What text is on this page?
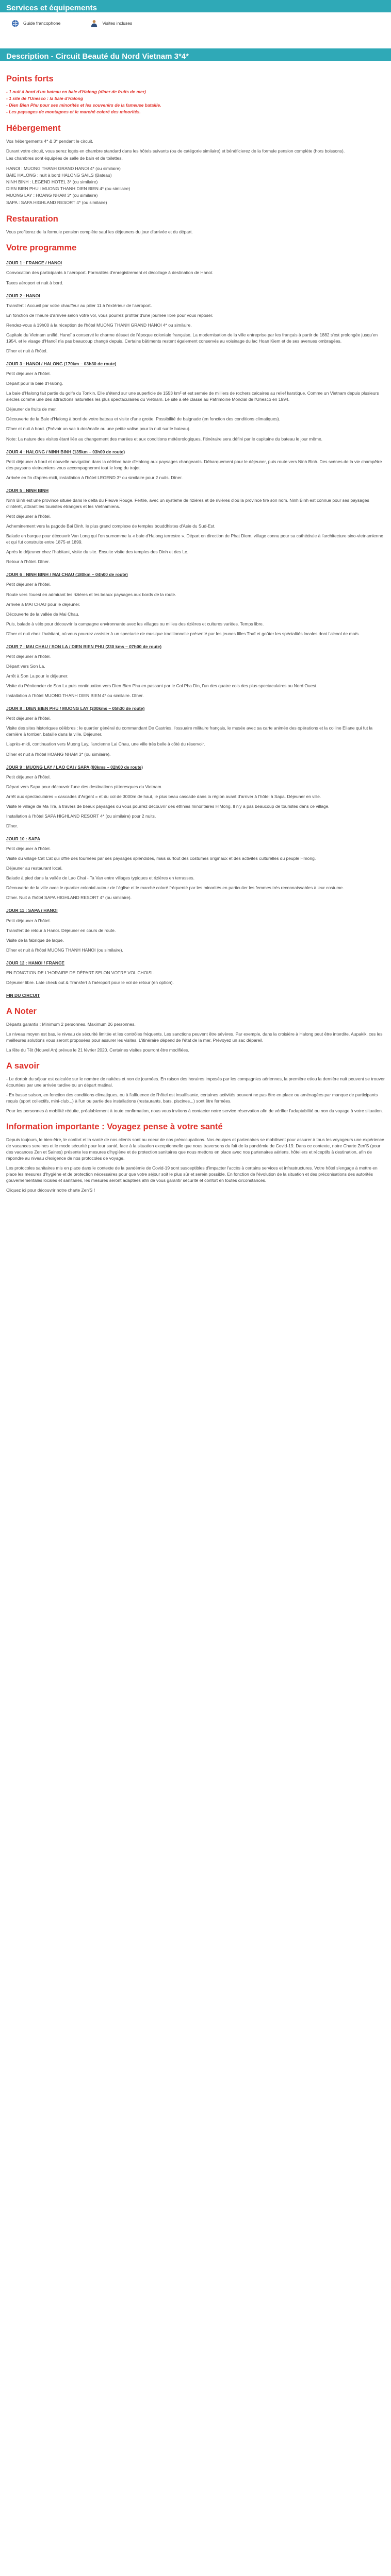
Services et équipements
Guide francophone	Visites incluses
Description - Circuit Beauté du Nord Vietnam 3*4*
Points forts
- 1 nuit à bord d'un bateau en baie d'Halong (dîner de fruits de mer)
- 1 site de l'Unesco : la baie d'Halong
- Dien Bien Phu pour ses minorités et les souvenirs de la fameuse bataille.
- Les paysages de montagnes et le marché coloré des minorités.
Hébergement

Vos hébergements 4* & 3* pendant le circuit.

Durant votre circuit, vous serez logés en chambre standard dans les hôtels suivants (ou de catégorie similaire) et bénéficierez de la formule pension complète (hors boissons).
Les chambres sont équipées de salle de bain et de toilettes.

HANOI : MUONG THANH GRAND HANOI 4* (ou similaire)
BAIE HALONG : nuit à bord HALONG SAILS (Bateau)
NINH BINH : LEGEND HOTEL 3* (ou similaire)
DIEN BIEN PHU : MUONG THANH DIEN BIEN 4* (ou similaire)
MUONG LAY : HOANG NHAM 3* (ou similaire)
SAPA : SAPA HIGHLAND RESORT 4* (ou similaire)

Restauration

Vous profiterez de la formule pension complète sauf les déjeuners du jour d'arrivée et du départ.

Votre programme
JOUR 1 : FRANCE / HANOI

Convocation des participants à l'aéroport. Formalités d'enregistrement et décollage à destination de Hanoï.

Taxes aéroport et nuit à bord.

JOUR 2 : HANOI

Transfert : Accueil par votre chauffeur au pilier 11 à l'extérieur de l'aéroport.

En fonction de l'heure d'arrivée selon votre vol, vous pourrez profiter d'une journée libre pour vous reposer.

Rendez-vous à 19h00 à la réception de l'hôtel MUONG THANH GRAND HANOI 4* ou similaire.

Capitale du Vietnam unifié, Hanoï a conservé le charme désuet de l'époque coloniale française. La modernisation de la ville entreprise par les français à partir de 1882 s'est prolongée jusqu'en 1954, et le visage d'Hanoï n'a pas beaucoup changé depuis. Certains bâtiments restent également conservés au voisinage du lac Hoan Kiem et de ses avenues ombragées.

Dîner et nuit à l'hôtel.

JOUR 3 : HANOI / HALONG (170km – 03h30 de route)

Petit déjeuner à l'hôtel.

Départ pour la baie d'Halong.

La baie d'Halong fait partie du golfe du Tonkin. Elle s'étend sur une superficie de 1553 km² et est semée de milliers de rochers calcaires au relief karstique. Comme un Vietnam depuis plusieurs siècles comme une des attractions naturelles les plus spectaculaires du Vietnam. Le site a été classé au Patrimoine Mondial de l'Unesco en 1994.

Déjeuner de fruits de mer.

Découverte de la Baie d'Halong à bord de votre bateau et visite d'une grotte. Possibilité de baignade (en fonction des conditions climatiques).

Dîner et nuit à bord. (Prévoir un sac à dos/malle ou une petite valise pour la nuit sur le bateau).

Note: La nature des visites étant liée au changement des marées et aux conditions météorologiques, l'itinéraire sera défini par le capitaine du bateau le jour même.

JOUR 4 : HALONG / NINH BINH (135km – 03h00 de route)

Petit déjeuner à bord et nouvelle navigation dans la célèbre baie d'Halong aux paysages changeants. Débarquement pour le déjeuner, puis route vers Ninh Binh. Des scènes de la vie champêtre des paysans vietnamiens vous accompagneront tout le long du trajet.

Arrivée en fin d'après-midi, installation à l'hôtel LEGEND 3* ou similaire pour 2 nuits. Dîner.

JOUR 5 : NINH BINH

Ninh Binh est une province située dans le delta du Fleuve Rouge. Fertile, avec un système de rizières et de rivières d'où la province tire son nom. Ninh Binh est connue pour ses paysages d'intérêt, attirant les touristes étrangers et les Vietnamiens.

Petit déjeuner à l'hôtel.

Acheminement vers la pagode Bai Dinh, le plus grand complexe de temples bouddhistes d'Asie du Sud-Est.

Balade en barque pour découvrir Van Long qui l'on surnomme la « baie d'Halong terrestre ». Départ en direction de Phat Diem, village connu pour sa cathédrale à l'architecture sino-vietnamienne et qui fut construite entre 1875 et 1899.

Après le déjeuner chez l'habitant, visite du site. Ensuite visite des temples des Dinh et des Le.

Retour à l'hôtel. Dîner.

JOUR 6 : NINH BINH / MAI CHAU (180km – 04h00 de route)

Petit déjeuner à l'hôtel.

Route vers l'ouest en admirant les rizières et les beaux paysages aux bords de la route.

Arrivée à MAI CHAU pour le déjeuner.

Découverte de la vallée de Mai Chau.

Puis, balade à vélo pour découvrir la campagne environnante avec les villages ou milieu des rizières et cultures variées. Temps libre.

Dîner et nuit chez l'habitant, où vous pourrez assister à un spectacle de musique traditionnelle présenté par les jeunes filles Thaï et goûter les spécialités locales dont l'alcool de maïs.

JOUR 7 : MAI CHAU / SON LA / DIEN BIEN PHU (230 kms – 07h00 de route)

Petit déjeuner à l'hôtel.

Départ vers Son La.

Arrêt à Son La pour le déjeuner.

Visite du Pénitencier de Son La puis continuation vers Dien Bien Phu en passant par le Col Pha Din, l'un des quatre cols des plus spectaculaires au Nord Ouest.

Installation à l'hôtel MUONG THANH DIEN BIEN 4* ou similaire. Dîner.

JOUR 8 : DIEN BIEN PHU / MUONG LAY (200kms – 05h30 de route)

Petit déjeuner à l'hôtel.

Visite des sites historiques célèbres : le quartier général du commandant De Castries, l'ossuaire militaire français, le musée avec sa carte animée des opérations et la colline Eliane qui fut la dernière à tomber, bataille dans la ville. Déjeuner.

L'après-midi, continuation vers Muong Lay, l'ancienne Lai Chau, une ville très belle à côté du réservoir.

Dîner et nuit à l'hôtel HOANG NHAM 3* (ou similaire).

JOUR 9 : MUONG LAY / LAO CAI / SAPA (80kms – 02h00 de route)

Petit déjeuner à l'hôtel.

Départ vers Sapa pour découvrir l'une des destinations pittoresques du Vietnam.

Arrêt aux spectaculaires « cascades d'Argent » et du col de 3000m de haut, le plus beau cascade dans la région avant d'arriver à l'hôtel à Sapa. Déjeuner en ville.

Visite le village de Ma Tra, à travers de beaux paysages où vous pourrez découvrir des ethnies minoritaires H'Mong. Il n'y a pas beaucoup de touristes dans ce village.

Installation à l'hôtel SAPA HIGHLAND RESORT 4* (ou similaire) pour 2 nuits.

Dîner.

JOUR 10 : SAPA

Petit déjeuner à l'hôtel.

Visite du village Cat Cat qui offre des tournées par ses paysages splendides, mais surtout des costumes originaux et des activités culturelles du peuple Hmong.

Déjeuner au restaurant local.

Balade à pied dans la vallée de Lao Chai - Ta Van entre villages typiques et rizières en terrasses.

Découverte de la ville avec le quartier colonial autour de l'église et le marché coloré fréquenté par les minorités en particulier les femmes très reconnaissables à leur costume.

Dîner. Nuit à l'hôtel SAPA HIGHLAND RESORT 4* (ou similaire).

JOUR 11 : SAPA / HANOI

Petit déjeuner à l'hôtel.

Transfert de retour à Hanoï. Déjeuner en cours de route.

Visite de la fabrique de laque.

Dîner et nuit à l'hôtel MUONG THANH HANOI (ou similaire).

JOUR 12 : HANOI / FRANCE

EN FONCTION DE L'HORAIRE DE DÉPART SELON VOTRE VOL CHOISI.

Déjeuner libre. Late check out & Transfert à l'aéroport pour le vol de retour (en option).

FIN DU CIRCUIT
A Noter

Départs garantis : Minimum 2 personnes. Maximum 26 personnes.

Le niveau moyen est bas, le niveau de sécurité limitée et les contrôles fréquents. Les sanctions peuvent être sévères. Par exemple, dans la croisière à Halong peut être interdite. Aupakik, ces les meilleures solutions vous seront proposées pour assurer les visites. L'itinéraire dépend de l'état de la mer. Prévoyez un sac dépareil.

La fête du Têt (Nouvel An) prévue le 21 février 2020. Certaines visites pourront être modifiées.

A savoir

- Le dortoir du séjour est calculée sur le nombre de nuitées et non de journées. En raison des horaires imposés par les compagnies aériennes, la première et/ou la dernière nuit peuvent se trouver écourtées par une arrivée tardive ou un départ matinal.

- En basse saison, en fonction des conditions climatiques, ou à l'affluence de l'hôtel est insuffisante, certaines activités peuvent ne pas être en place ou aménagées par manque de participants requis (sport collectifs, mini-club...) à l'un ou partie des installations (restaurants, bars, piscines...) sont être fermées.

Pour les personnes à mobilité réduite, préalablement à toute confirmation, nous vous invitons à contacter notre service réservation afin de vérifier l'adaptabilité ou non du voyage à votre situation.

Information importante : Voyagez pense à votre santé

Depuis toujours, le bien-être, le confort et la santé de nos clients sont au coeur de nos préoccupations. Nos équipes et partenaires se mobilisent pour assurer à tous les voyageurs une expérience de vacances sereines et le mode sécurité pour leur santé, face à la situation exceptionnelle que nous traversons du fait de la pandémie de Covid-19. Dans ce contexte, notre Charte Zen'S (pour des vacances Zen et Saines) présente les mesures d'hygiène et de protection sanitaires que nous mettons en place avec nos partenaires aériens, hôteliers et réceptifs à destination, afin de répondre au niveau d'exigence de nos protocoles de voyage.

Les protocoles sanitaires mis en place dans le contexte de la pandémie de Covid-19 sont susceptibles d'impacter l'accès à certains services et infrastructures. Votre hôtel s'engage à mettre en place les mesures d'hygiène et de protection nécessaires pour que votre séjour soit le plus sûr et serein possible. En fonction de l'évolution de la situation et des préconisations des autorités gouvernementales locales et sanitaires, les mesures seront adaptées afin de vous garantir sécurité et confort en toutes circonstances.

Cliquez ici pour découvrir notre charte Zen'S !
